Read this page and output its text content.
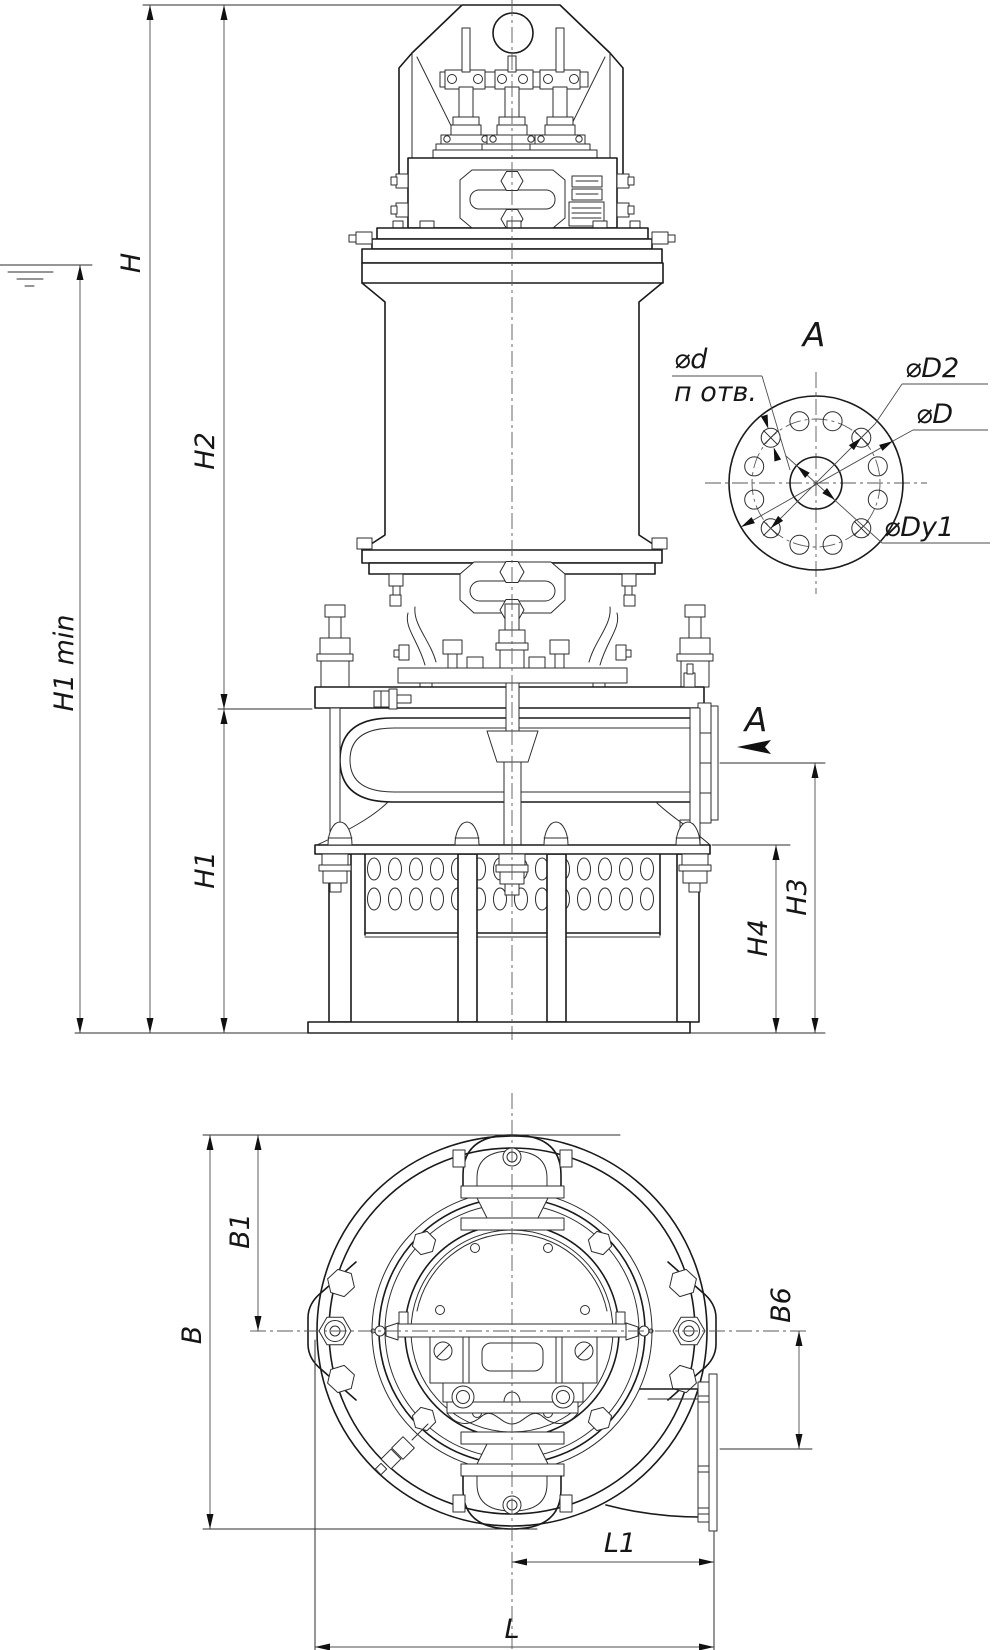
H1 min
H
H2
H1
H3
H4
A
A
⌀d
п отв.
⌀D2
⌀D
⌀Dy1
B
B1
B6
L1
L
